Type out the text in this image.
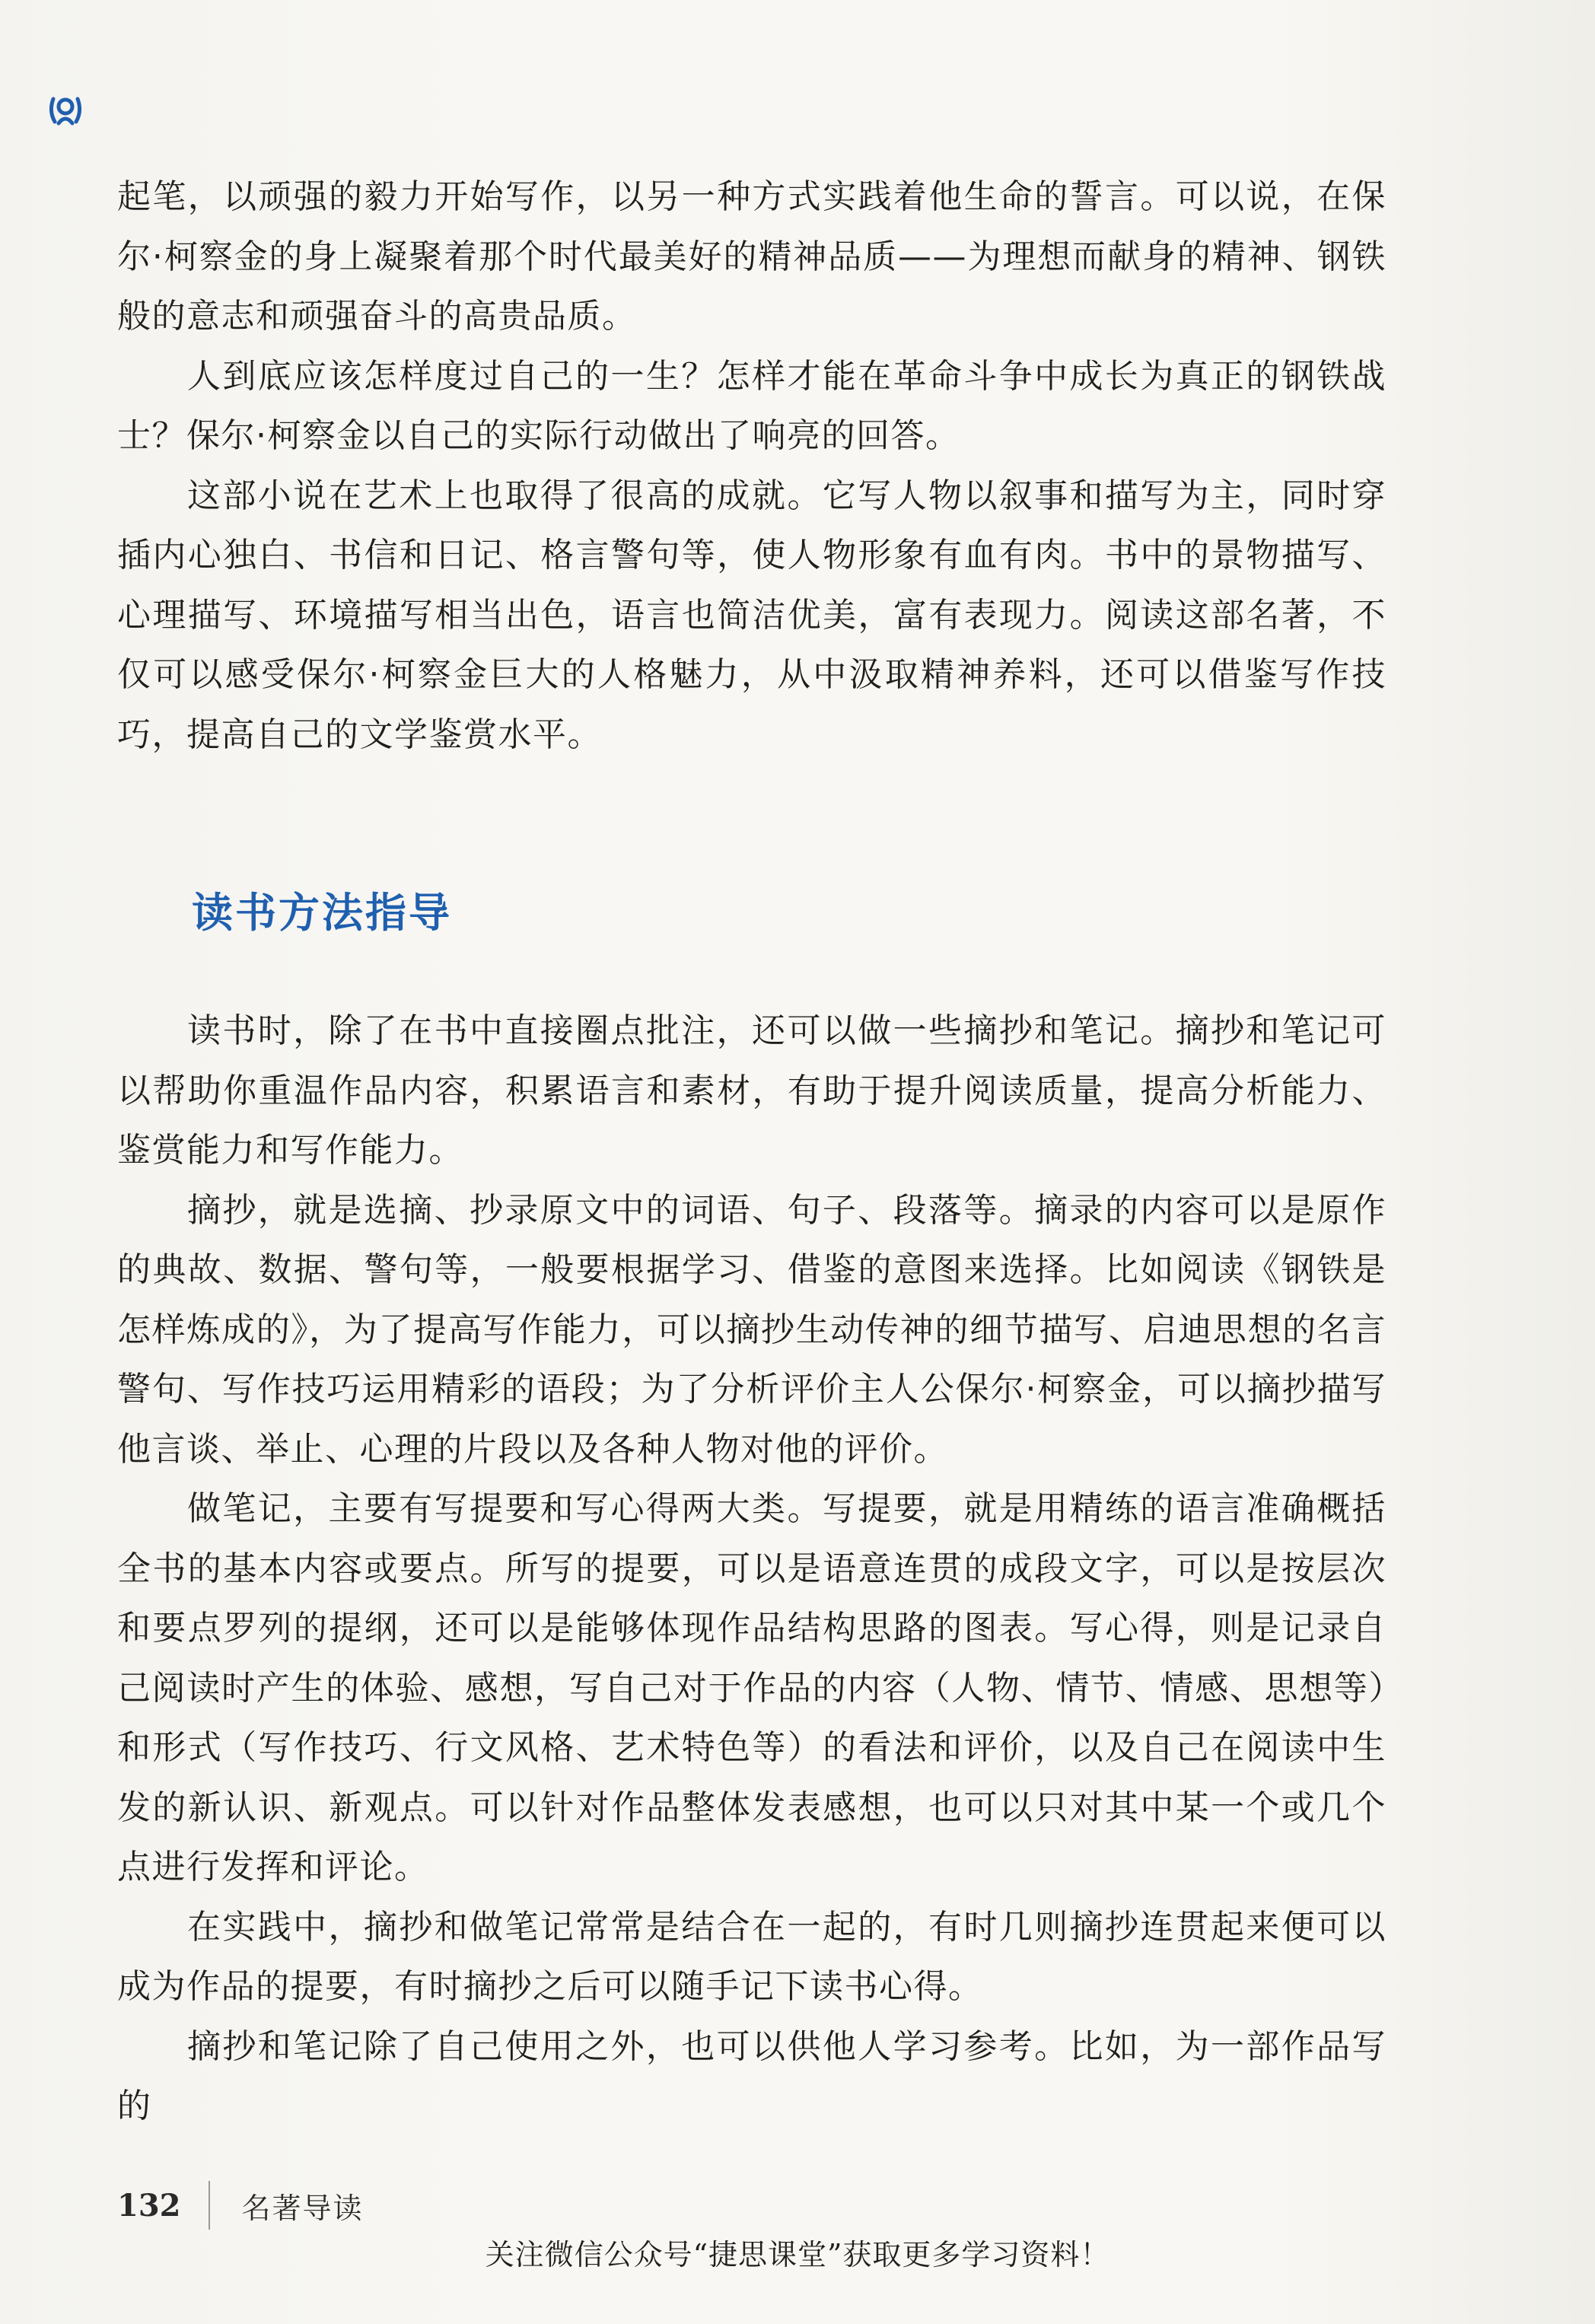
起笔，以顽强的毅力开始写作，以另一种方式实践着他生命的誓言。可以说，在保尔·柯察金的身上凝聚着那个时代最美好的精神品质——为理想而献身的精神、钢铁般的意志和顽强奋斗的高贵品质。

人到底应该怎样度过自己的一生？怎样才能在革命斗争中成长为真正的钢铁战士？保尔·柯察金以自己的实际行动做出了响亮的回答。

这部小说在艺术上也取得了很高的成就。它写人物以叙事和描写为主，同时穿插内心独白、书信和日记、格言警句等，使人物形象有血有肉。书中的景物描写、心理描写、环境描写相当出色，语言也简洁优美，富有表现力。阅读这部名著，不仅可以感受保尔·柯察金巨大的人格魅力，从中汲取精神养料，还可以借鉴写作技巧，提高自己的文学鉴赏水平。

读书方法指导

读书时，除了在书中直接圈点批注，还可以做一些摘抄和笔记。摘抄和笔记可以帮助你重温作品内容，积累语言和素材，有助于提升阅读质量，提高分析能力、鉴赏能力和写作能力。

摘抄，就是选摘、抄录原文中的词语、句子、段落等。摘录的内容可以是原作的典故、数据、警句等，一般要根据学习、借鉴的意图来选择。比如阅读《钢铁是怎样炼成的》，为了提高写作能力，可以摘抄生动传神的细节描写、启迪思想的名言警句、写作技巧运用精彩的语段；为了分析评价主人公保尔·柯察金，可以摘抄描写他言谈、举止、心理的片段以及各种人物对他的评价。

做笔记，主要有写提要和写心得两大类。写提要，就是用精练的语言准确概括全书的基本内容或要点。所写的提要，可以是语意连贯的成段文字，可以是按层次和要点罗列的提纲，还可以是能够体现作品结构思路的图表。写心得，则是记录自己阅读时产生的体验、感想，写自己对于作品的内容（人物、情节、情感、思想等）和形式（写作技巧、行文风格、艺术特色等）的看法和评价，以及自己在阅读中生发的新认识、新观点。可以针对作品整体发表感想，也可以只对其中某一个或几个点进行发挥和评论。

在实践中，摘抄和做笔记常常是结合在一起的，有时几则摘抄连贯起来便可以成为作品的提要，有时摘抄之后可以随手记下读书心得。

摘抄和笔记除了自己使用之外，也可以供他人学习参考。比如，为一部作品写的

132 名著导读
关注微信公众号“捷思课堂”获取更多学习资料！
